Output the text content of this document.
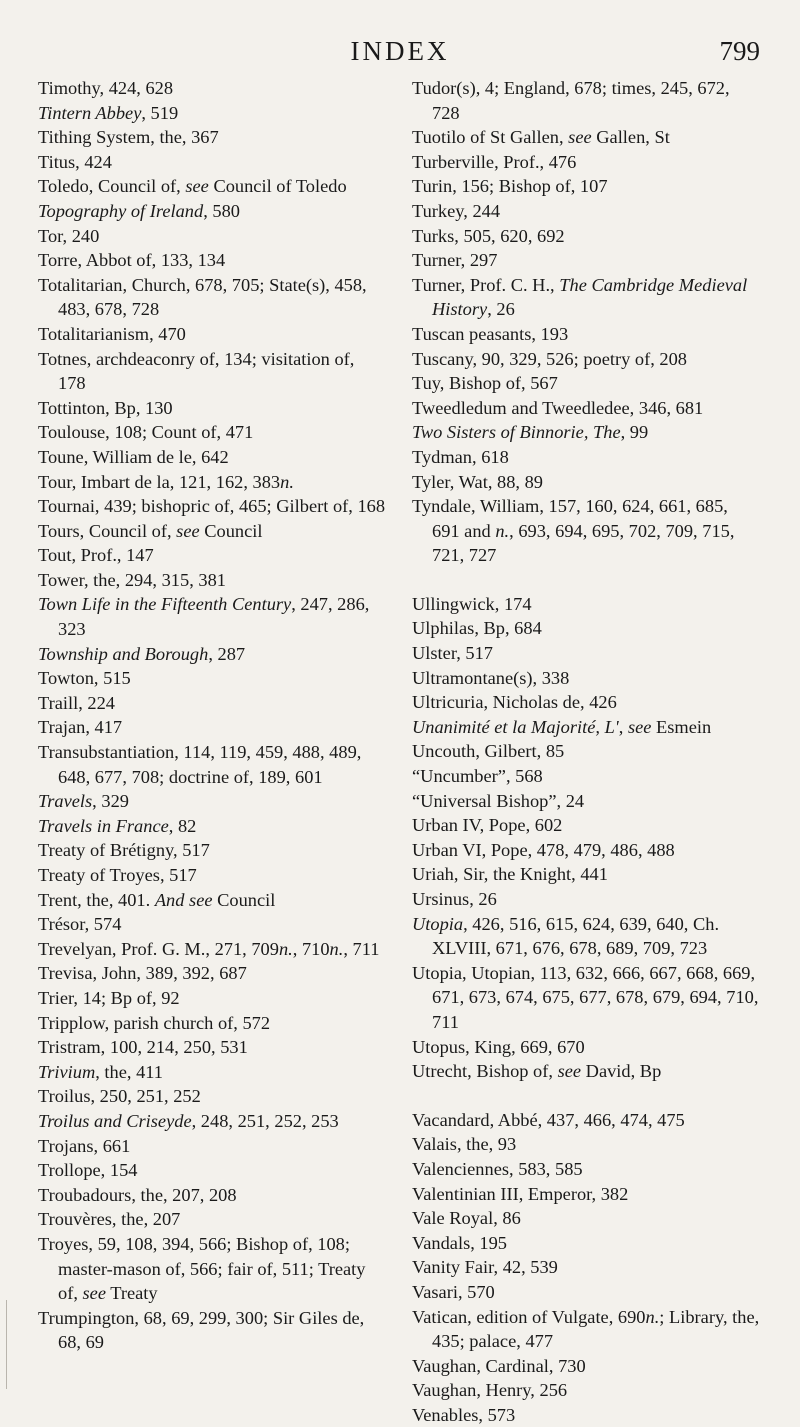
INDEX	799

Timothy, 424, 628

Tintern Abbey, 519

Tithing System, the, 367

Titus, 424

Toledo, Council of, see Council of Toledo

Topography of Ireland, 580

Tor, 240

Torre, Abbot of, 133, 134

Totalitarian, Church, 678, 705; State(s), 458, 483, 678, 728

Totalitarianism, 470

Totnes, archdeaconry of, 134; visitation of, 178

Tottinton, Bp, 130

Toulouse, 108; Count of, 471

Toune, William de le, 642

Tour, Imbart de la, 121, 162, 383n.

Tournai, 439; bishopric of, 465; Gilbert of, 168

Tours, Council of, see Council

Tout, Prof., 147

Tower, the, 294, 315, 381

Town Life in the Fifteenth Century, 247, 286, 323

Township and Borough, 287

Towton, 515

Traill, 224

Trajan, 417

Transubstantiation, 114, 119, 459, 488, 489, 648, 677, 708; doctrine of, 189, 601

Travels, 329

Travels in France, 82

Treaty of Brétigny, 517

Treaty of Troyes, 517

Trent, the, 401. And see Council

Trésor, 574

Trevelyan, Prof. G. M., 271, 709n., 710n., 711

Trevisa, John, 389, 392, 687

Trier, 14; Bp of, 92

Tripplow, parish church of, 572

Tristram, 100, 214, 250, 531

Trivium, the, 411

Troilus, 250, 251, 252

Troilus and Criseyde, 248, 251, 252, 253

Trojans, 661

Trollope, 154

Troubadours, the, 207, 208

Trouvères, the, 207

Troyes, 59, 108, 394, 566; Bishop of, 108; master-mason of, 566; fair of, 511; Treaty of, see Treaty

Trumpington, 68, 69, 299, 300; Sir Giles de, 68, 69

Tudor(s), 4; England, 678; times, 245, 672, 728

Tuotilo of St Gallen, see Gallen, St

Turberville, Prof., 476

Turin, 156; Bishop of, 107

Turkey, 244

Turks, 505, 620, 692

Turner, 297

Turner, Prof. C. H., The Cambridge Medieval History, 26

Tuscan peasants, 193

Tuscany, 90, 329, 526; poetry of, 208

Tuy, Bishop of, 567

Tweedledum and Tweedledee, 346, 681

Two Sisters of Binnorie, The, 99

Tydman, 618

Tyler, Wat, 88, 89

Tyndale, William, 157, 160, 624, 661, 685, 691 and n., 693, 694, 695, 702, 709, 715, 721, 727

Ullingwick, 174

Ulphilas, Bp, 684

Ulster, 517

Ultramontane(s), 338

Ultricuria, Nicholas de, 426

Unanimité et la Majorité, L', see Esmein

Uncouth, Gilbert, 85

“Uncumber”, 568

“Universal Bishop”, 24

Urban IV, Pope, 602

Urban VI, Pope, 478, 479, 486, 488

Uriah, Sir, the Knight, 441

Ursinus, 26

Utopia, 426, 516, 615, 624, 639, 640, Ch. XLVIII, 671, 676, 678, 689, 709, 723

Utopia, Utopian, 113, 632, 666, 667, 668, 669, 671, 673, 674, 675, 677, 678, 679, 694, 710, 711

Utopus, King, 669, 670

Utrecht, Bishop of, see David, Bp

Vacandard, Abbé, 437, 466, 474, 475

Valais, the, 93

Valenciennes, 583, 585

Valentinian III, Emperor, 382

Vale Royal, 86

Vandals, 195

Vanity Fair, 42, 539

Vasari, 570

Vatican, edition of Vulgate, 690n.; Library, the, 435; palace, 477

Vaughan, Cardinal, 730

Vaughan, Henry, 256

Venables, 573
